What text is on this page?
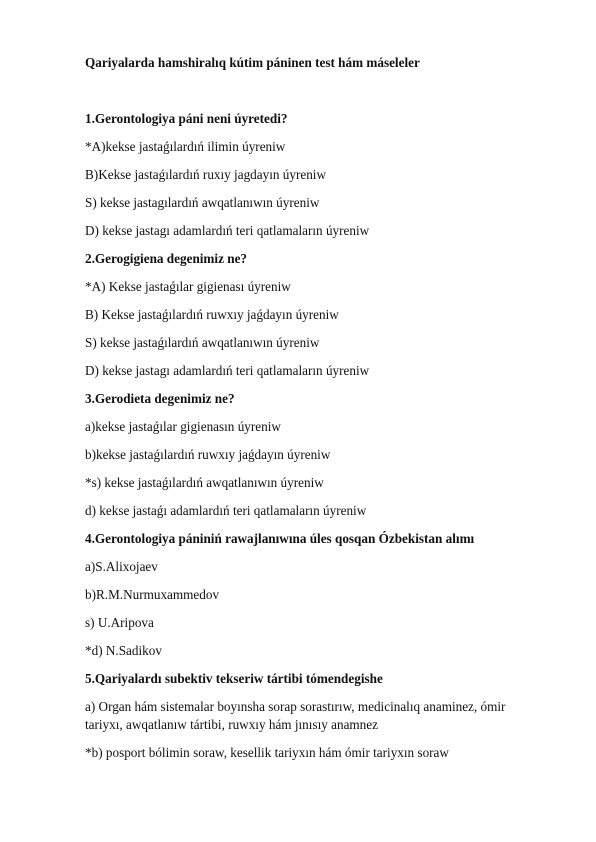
Qariyalarda hamshiralıq kútim páninen test hám máseleler
1.Gerontologiya páni neni úyretedi?
*A)kekse jastaǵılardıń ilimin úyreniw
B)Kekse jastaǵılardıń ruxıy jagdayın úyreniw
S) kekse jastagılardıń awqatlanıwın úyreniw
D) kekse jastagı adamlardıń teri qatlamaların úyreniw
2.Gerogigiena degenimiz ne?
*A) Kekse jastaǵılar gigienası úyreniw
B) Kekse jastaǵılardıń ruwxıy jaǵdayın úyreniw
S) kekse jastaǵılardıń awqatlanıwın úyreniw
D) kekse jastagı adamlardıń teri qatlamaların úyreniw
3.Gerodieta degenimiz ne?
a)kekse jastaǵılar gigienasın úyreniw
b)kekse jastaǵılardıń ruwxıy jaǵdayın úyreniw
*s) kekse jastaǵılardıń awqatlanıwın úyreniw
d) kekse jastaǵı adamlardıń teri qatlamaların úyreniw
4.Gerontologiya pániniń rawajlanıwına úles qosqan Ózbekistan alımı
a)S.Alixojaev
b)R.M.Nurmuxammedov
s) U.Aripova
*d) N.Sadikov
5.Qariyalardı subektiv tekseriw tártibi tómendegishe
a) Organ hám sistemalar boyınsha sorap sorastırıw, medicinalıq anaminez, ómir tariyxı, awqatlanıw tártibi, ruwxıy hám jınısıy anamnez
*b) posport bólimin soraw, kesellik tariyxın hám ómir tariyxın soraw
